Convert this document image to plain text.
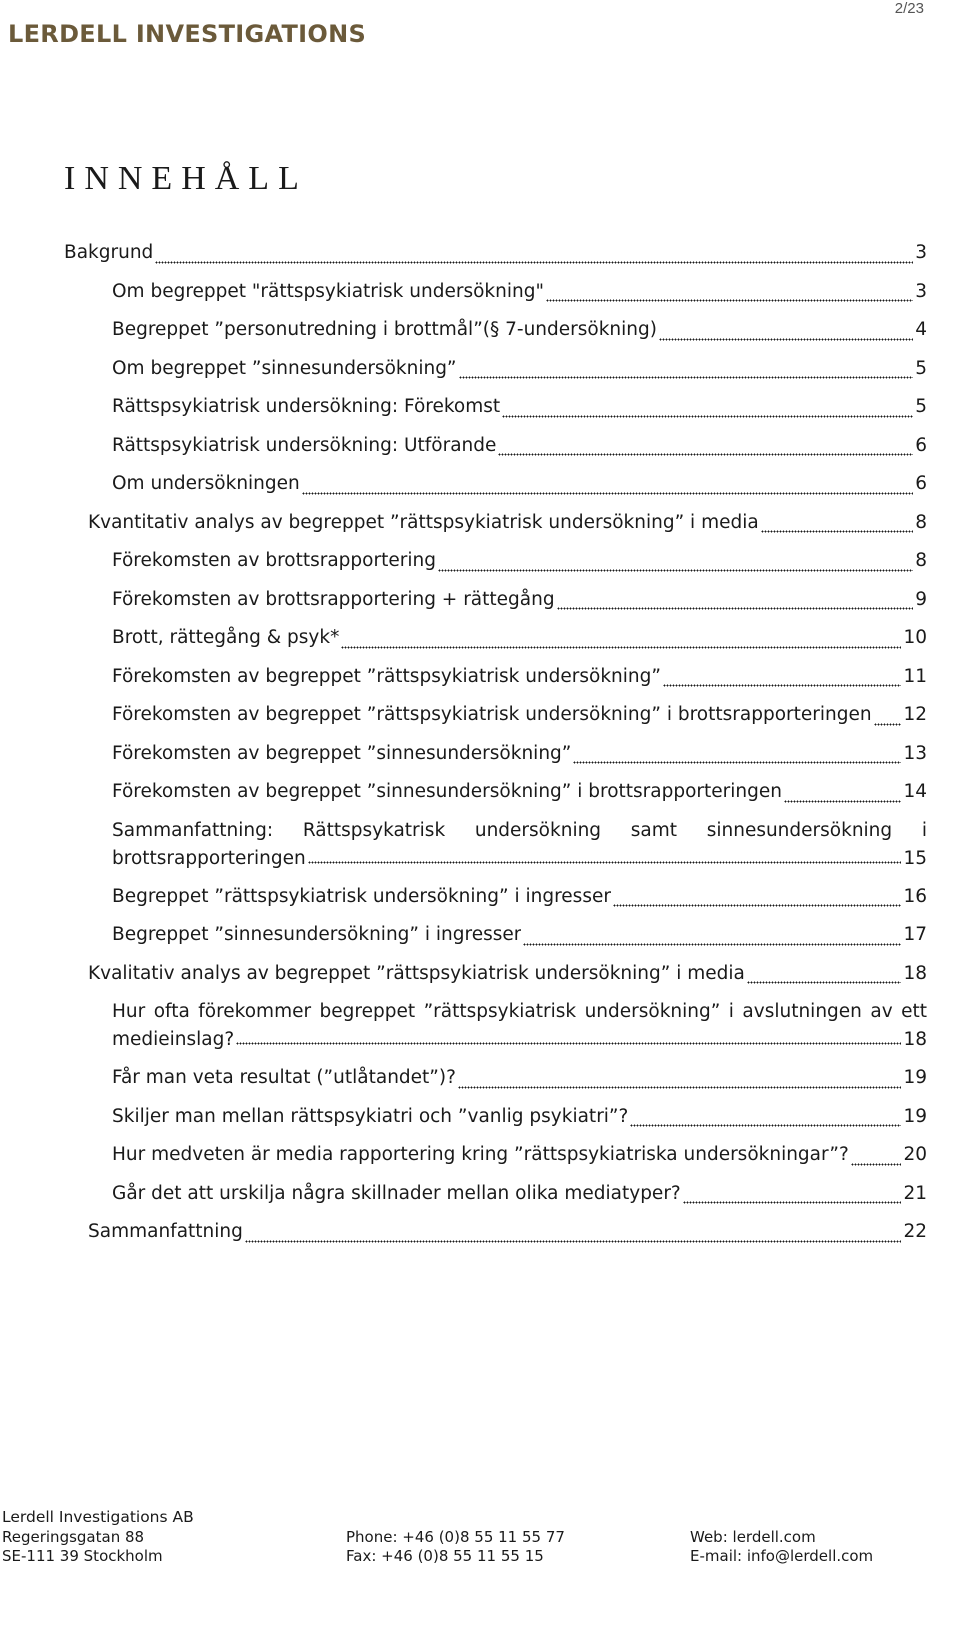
2/23
LERDELL INVESTIGATIONS
INNEHÅLL
Bakgrund	3
Om begreppet "rättspsykiatrisk undersökning"	3
Begreppet ”personutredning i brottmål”(§ 7-undersökning)	4
Om begreppet ”sinnesundersökning”	5
Rättspsykiatrisk undersökning: Förekomst	5
Rättspsykiatrisk undersökning: Utförande	6
Om undersökningen	6
Kvantitativ analys av begreppet ”rättspsykiatrisk undersökning” i media	8
Förekomsten av brottsrapportering	8
Förekomsten av brottsrapportering + rättegång	9
Brott, rättegång & psyk*	10
Förekomsten av begreppet ”rättspsykiatrisk undersökning”	11
Förekomsten av begreppet ”rättspsykiatrisk undersökning” i brottsrapporteringen 12
Förekomsten av begreppet ”sinnesundersökning”	13
Förekomsten av begreppet ”sinnesundersökning” i brottsrapporteringen	14
Sammanfattning: Rättspsykatrisk undersökning samt sinnesundersökning i
brottsrapporteringen	15
Begreppet ”rättspsykiatrisk undersökning” i ingresser	16
Begreppet ”sinnesundersökning” i ingresser	17
Kvalitativ analys av begreppet ”rättspsykiatrisk undersökning” i media	18
Hur ofta förekommer begreppet ”rättspsykiatrisk undersökning” i avslutningen av ett
medieinslag?	18
Får man veta resultat (”utlåtandet”)?	19
Skiljer man mellan rättspsykiatri och ”vanlig psykiatri”?	19
Hur medveten är media rapportering kring ”rättspsykiatriska undersökningar”?	20
Går det att urskilja några skillnader mellan olika mediatyper?	21
Sammanfattning	22
Lerdell Investigations AB
Regeringsgatan 88	Phone: +46 (0)8 55 11 55 77	Web: lerdell.com
SE-111 39 Stockholm	Fax: +46 (0)8 55 11 55 15	E-mail: info@lerdell.com
